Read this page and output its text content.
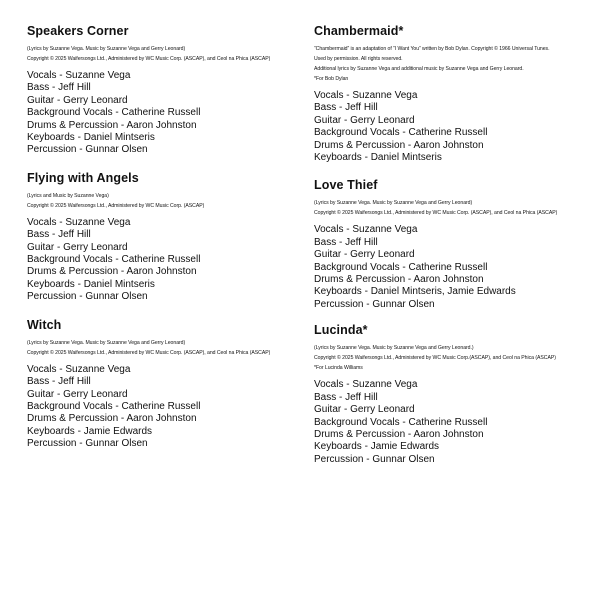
Speakers Corner
(Lyrics by Suzanne Vega. Music by Suzanne Vega and Gerry Leonard)
Copyright © 2025 Waifersongs Ltd., Administered by WC Music Corp. (ASCAP), and Ceol na Phica (ASCAP)
Vocals - Suzanne Vega
Bass - Jeff Hill
Guitar - Gerry Leonard
Background Vocals - Catherine Russell
Drums & Percussion - Aaron Johnston
Keyboards - Daniel Mintseris
Percussion - Gunnar Olsen
Flying with Angels
(Lyrics and Music by Suzanne Vega)
Copyright © 2025 Waifersongs Ltd., Administered by WC Music Corp. (ASCAP)
Vocals - Suzanne Vega
Bass - Jeff Hill
Guitar - Gerry Leonard
Background Vocals - Catherine Russell
Drums & Percussion - Aaron Johnston
Keyboards - Daniel Mintseris
Percussion - Gunnar Olsen
Witch
(Lyrics by Suzanne Vega. Music by Suzanne Vega and Gerry Leonard)
Copyright © 2025 Waifersongs Ltd., Administered by WC Music Corp. (ASCAP), and Ceol na Phica (ASCAP)
Vocals - Suzanne Vega
Bass - Jeff Hill
Guitar - Gerry Leonard
Background Vocals - Catherine Russell
Drums & Percussion - Aaron Johnston
Keyboards - Jamie Edwards
Percussion - Gunnar Olsen
Chambermaid*
“Chambermaid” is an adaptation of “I Want You” written by Bob Dylan. Copyright © 1966 Universal Tunes.
Used by permission. All rights reserved.
Additional lyrics by Suzanne Vega and additional music by Suzanne Vega and Gerry Leonard.
*For Bob Dylan
Vocals - Suzanne Vega
Bass - Jeff Hill
Guitar - Gerry Leonard
Background Vocals - Catherine Russell
Drums & Percussion - Aaron Johnston
Keyboards - Daniel Mintseris
Love Thief
(Lyrics by Suzanne Vega. Music by Suzanne Vega and Gerry Leonard)
Copyright © 2025 Waifersongs Ltd., Administered by WC Music Corp. (ASCAP), and Ceol na Phica (ASCAP)
Vocals - Suzanne Vega
Bass - Jeff Hill
Guitar - Gerry Leonard
Background Vocals - Catherine Russell
Drums & Percussion - Aaron Johnston
Keyboards - Daniel Mintseris, Jamie Edwards
Percussion - Gunnar Olsen
Lucinda*
(Lyrics by Suzanne Vega. Music by Suzanne Vega and Gerry Leonard.)
Copyright © 2025 Waifersongs Ltd., Administered by WC Music Corp.(ASCAP), and Ceol na Phica (ASCAP)
*For Lucinda Williams
Vocals - Suzanne Vega
Bass - Jeff Hill
Guitar - Gerry Leonard
Background Vocals - Catherine Russell
Drums & Percussion - Aaron Johnston
Keyboards - Jamie Edwards
Percussion - Gunnar Olsen
